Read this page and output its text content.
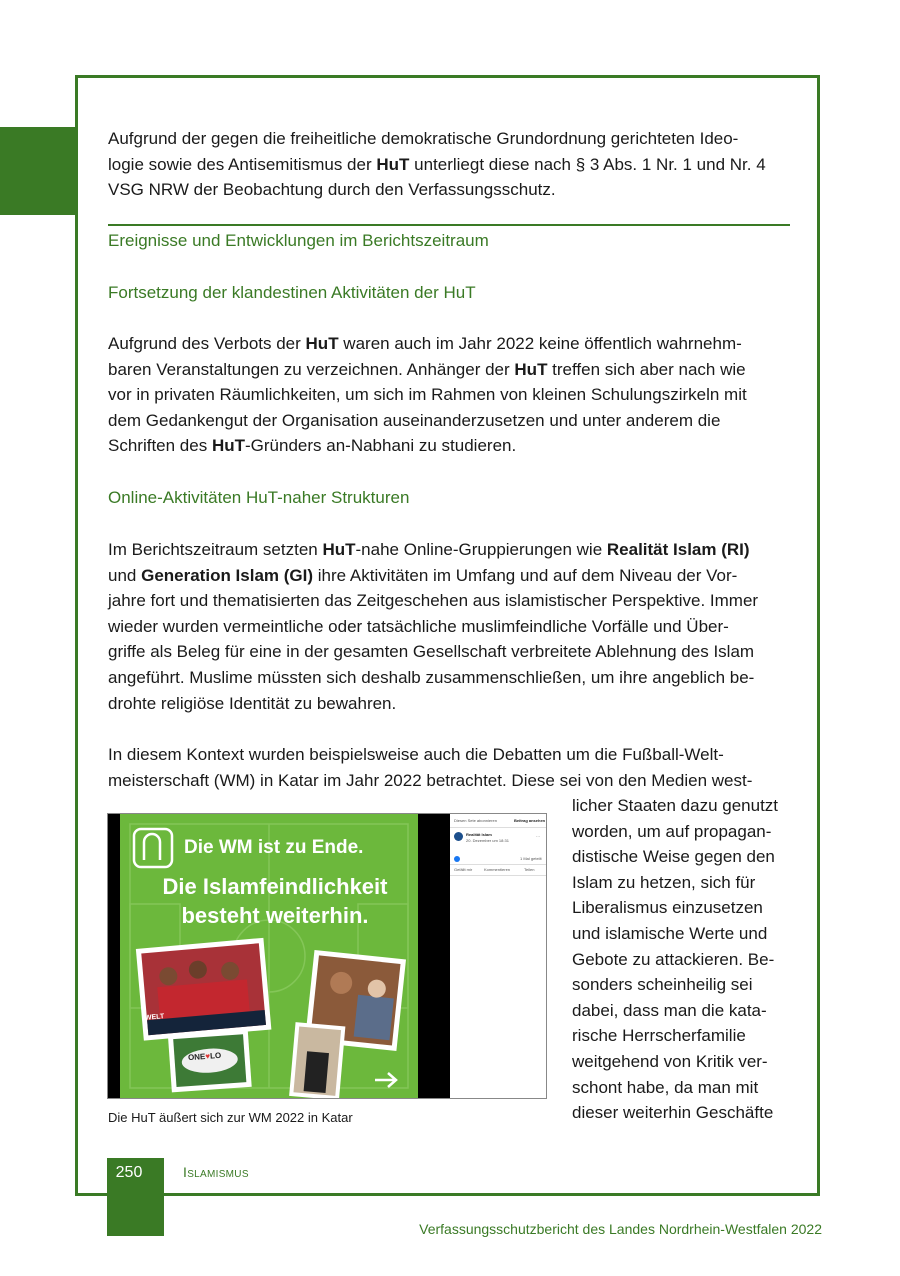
Aufgrund der gegen die freiheitliche demokratische Grundordnung gerichteten Ideo-
logie sowie des Antisemitismus der HuT unterliegt diese nach § 3 Abs. 1 Nr. 1 und Nr. 4
VSG NRW der Beobachtung durch den Verfassungsschutz.
Ereignisse und Entwicklungen im Berichtszeitraum
Fortsetzung der klandestinen Aktivitäten der HuT
Aufgrund des Verbots der HuT waren auch im Jahr 2022 keine öffentlich wahrnehm-
baren Veranstaltungen zu verzeichnen. Anhänger der HuT treffen sich aber nach wie
vor in privaten Räumlichkeiten, um sich im Rahmen von kleinen Schulungszirkeln mit
dem Gedankengut der Organisation auseinanderzusetzen und unter anderem die
Schriften des HuT-Gründers an-Nabhani zu studieren.
Online-Aktivitäten HuT-naher Strukturen
Im Berichtszeitraum setzten HuT-nahe Online-Gruppierungen wie Realität Islam (RI)
und Generation Islam (GI) ihre Aktivitäten im Umfang und auf dem Niveau der Vor-
jahre fort und thematisierten das Zeitgeschehen aus islamistischer Perspektive. Immer
wieder wurden vermeintliche oder tatsächliche muslimfeindliche Vorfälle und Über-
griffe als Beleg für eine in der gesamten Gesellschaft verbreitete Ablehnung des Islam
angeführt. Muslime müssten sich deshalb zusammenschließen, um ihre angeblich be-
drohte religiöse Identität zu bewahren.
In diesem Kontext wurden beispielsweise auch die Debatten um die Fußball-Welt-
meisterschaft (WM) in Katar im Jahr 2022 betrachtet. Diese sei von den Medien west-
licher Staaten dazu genutzt
worden, um auf propagan-
distische Weise gegen den
Islam zu hetzen, sich für
Liberalismus einzusetzen
und islamische Werte und
Gebote zu attackieren. Be-
sonders scheinheilig sei
dabei, dass man die kata-
rische Herrscherfamilie
weitgehend von Kritik ver-
schont habe, da man mit
dieser weiterhin Geschäfte
Die WM ist zu Ende.
Die Islamfeindlichkeit
besteht weiterhin.
WELT
ONE♥LO
Diesen Sete abonnieren	Beitrag ansehen
Realität Islam
20. Dezember um 18:31
···
1 Mal geteilt
Gefällt mir	Kommentieren	Teilen
Die HuT äußert sich zur WM 2022 in Katar
250	Islamismus
Verfassungsschutzbericht des Landes Nordrhein-Westfalen 2022
